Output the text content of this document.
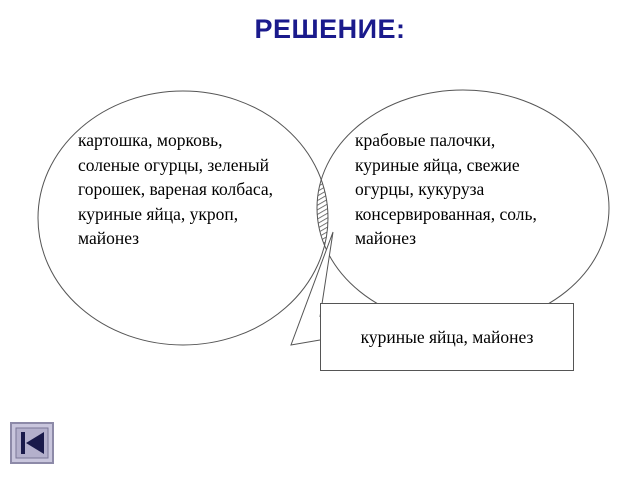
РЕШЕНИЕ:
картошка, морковь,
соленые огурцы, зеленый
горошек, вареная колбаса,
куриные яйца, укроп,
майонез
крабовые палочки,
куриные яйца, свежие
огурцы, кукуруза
консервированная, соль,
майонез
куриные яйца, майонез
